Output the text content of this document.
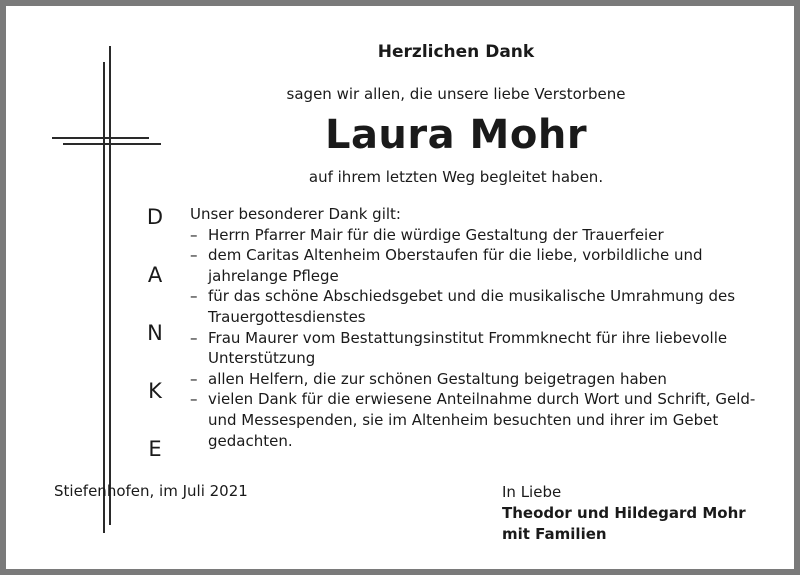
Herzlichen Dank
sagen wir allen, die unsere liebe Verstorbene
Laura Mohr
auf ihrem letzten Weg begleitet haben.
D
A
N
K
E

Unser besonderer Dank gilt:

– Herrn Pfarrer Mair für die würdige Gestaltung der Trauerfeier
– dem Caritas Altenheim Oberstaufen für die liebe, vorbildliche und jahrelange Pflege
– für das schöne Abschiedsgebet und die musikalische Umrahmung des Trauergottesdienstes
– Frau Maurer vom Bestattungsinstitut Frommknecht für ihre liebevolle Unterstützung
– allen Helfern, die zur schönen Gestaltung beigetragen haben
– vielen Dank für die erwiesene Anteilnahme durch Wort und Schrift, Geld- und Messespenden, sie im Altenheim besuchten und ihrer im Gebet gedachten.
Stiefenhofen, im Juli 2021	In Liebe
Theodor und Hildegard Mohr
mit Familien
